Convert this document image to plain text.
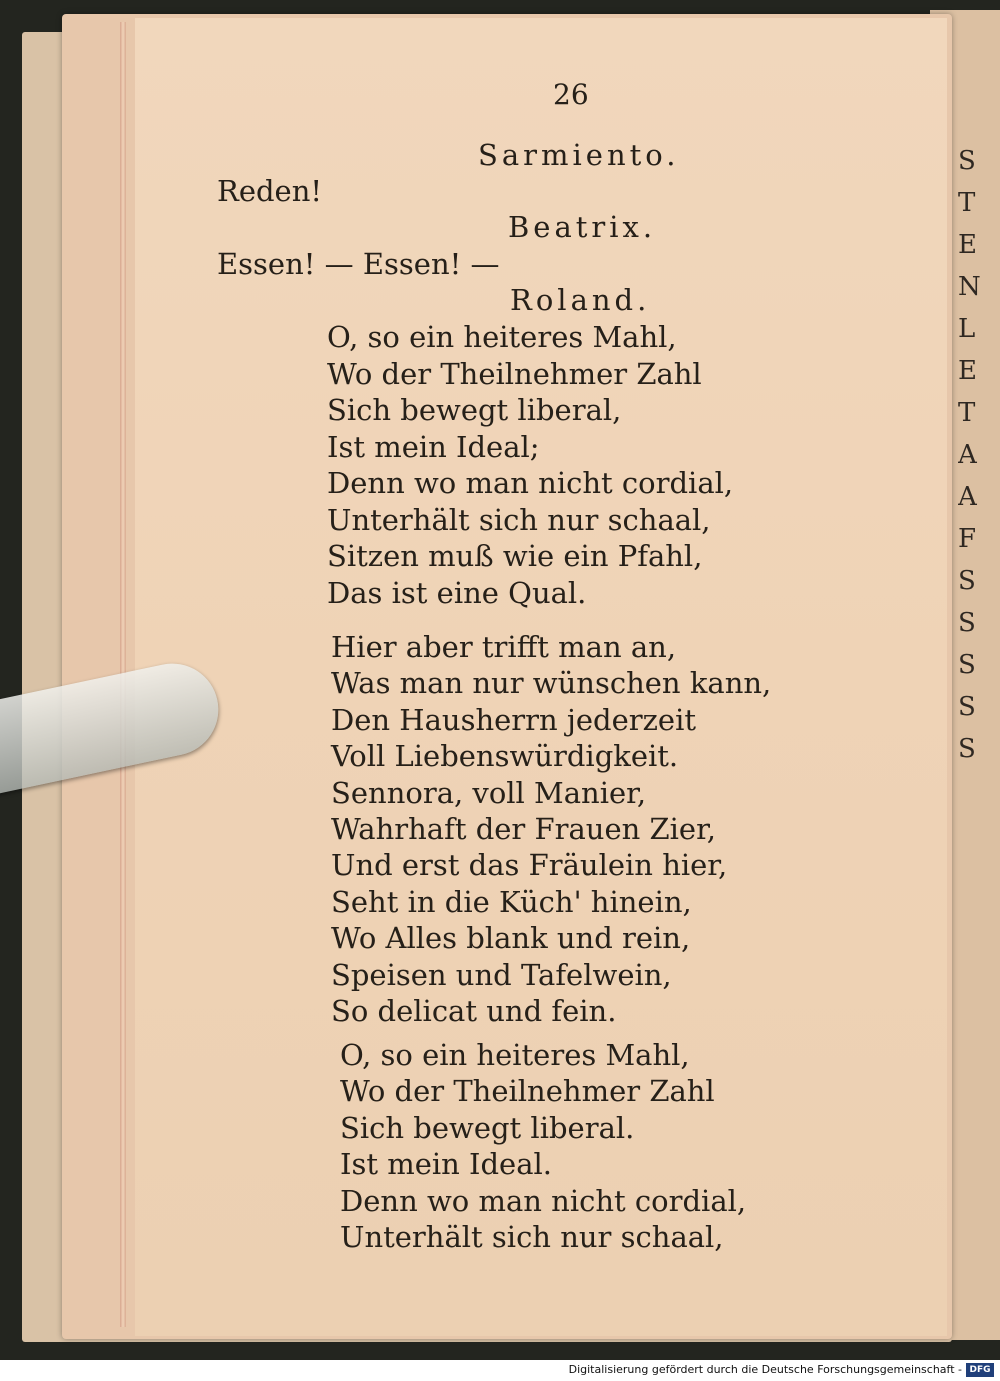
S
T
E
N
L
E
T
A
A
F
S
S
S
S
S
26
Sarmiento.
Reden!
Beatrix.
Essen! — Essen! —
Roland.
O, so ein heiteres Mahl,
Wo der Theilnehmer Zahl
Sich bewegt liberal,
Ist mein Ideal;
Denn wo man nicht cordial,
Unterhält sich nur schaal,
Sitzen muß wie ein Pfahl,
Das ist eine Qual.
Hier aber trifft man an,
Was man nur wünschen kann,
Den Hausherrn jederzeit
Voll Liebenswürdigkeit.
Sennora, voll Manier,
Wahrhaft der Frauen Zier,
Und erst das Fräulein hier,
Seht in die Küch' hinein,
Wo Alles blank und rein,
Speisen und Tafelwein,
So delicat und fein.
O, so ein heiteres Mahl,
Wo der Theilnehmer Zahl
Sich bewegt liberal.
Ist mein Ideal.
Denn wo man nicht cordial,
Unterhält sich nur schaal,
Digitalisierung gefördert durch die Deutsche Forschungsgemeinschaft - DFG
